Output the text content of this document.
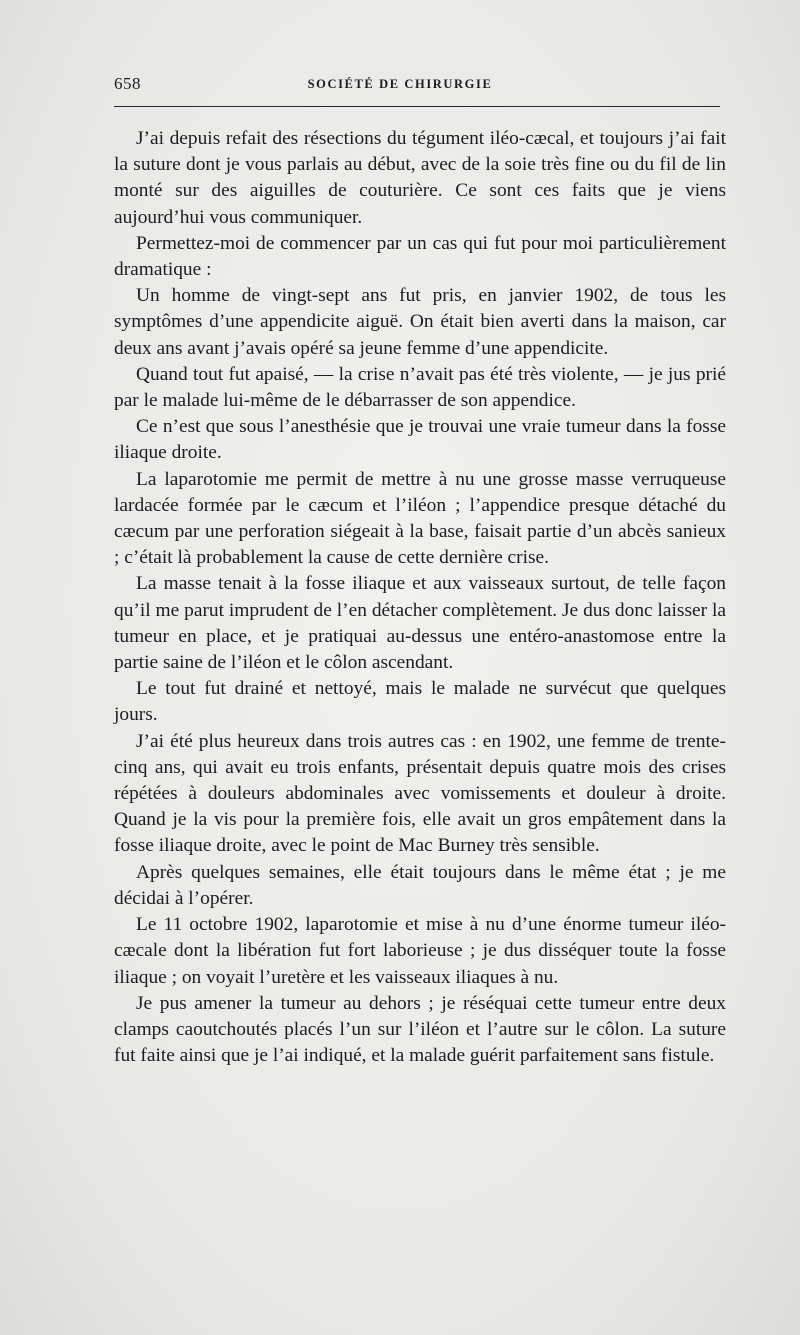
658	SOCIÉTÉ DE CHIRURGIE

J’ai depuis refait des résections du tégument iléo-cæcal, et toujours j’ai fait la suture dont je vous parlais au début, avec de la soie très fine ou du fil de lin monté sur des aiguilles de couturière. Ce sont ces faits que je viens aujourd’hui vous communiquer.

Permettez-moi de commencer par un cas qui fut pour moi particulièrement dramatique :

Un homme de vingt-sept ans fut pris, en janvier 1902, de tous les symptômes d’une appendicite aiguë. On était bien averti dans la maison, car deux ans avant j’avais opéré sa jeune femme d’une appendicite.

Quand tout fut apaisé, — la crise n’avait pas été très violente, — je jus prié par le malade lui-même de le débarrasser de son appendice.

Ce n’est que sous l’anesthésie que je trouvai une vraie tumeur dans la fosse iliaque droite.

La laparotomie me permit de mettre à nu une grosse masse verruqueuse lardacée formée par le cæcum et l’iléon ; l’appendice presque détaché du cæcum par une perforation siégeait à la base, faisait partie d’un abcès sanieux ; c’était là probablement la cause de cette dernière crise.

La masse tenait à la fosse iliaque et aux vaisseaux surtout, de telle façon qu’il me parut imprudent de l’en détacher complètement. Je dus donc laisser la tumeur en place, et je pratiquai au-dessus une entéro-anastomose entre la partie saine de l’iléon et le côlon ascendant.

Le tout fut drainé et nettoyé, mais le malade ne survécut que quelques jours.

J’ai été plus heureux dans trois autres cas : en 1902, une femme de trente-cinq ans, qui avait eu trois enfants, présentait depuis quatre mois des crises répétées à douleurs abdominales avec vomissements et douleur à droite. Quand je la vis pour la première fois, elle avait un gros empâtement dans la fosse iliaque droite, avec le point de Mac Burney très sensible.

Après quelques semaines, elle était toujours dans le même état ; je me décidai à l’opérer.

Le 11 octobre 1902, laparotomie et mise à nu d’une énorme tumeur iléo-cæcale dont la libération fut fort laborieuse ; je dus disséquer toute la fosse iliaque ; on voyait l’uretère et les vaisseaux iliaques à nu.

Je pus amener la tumeur au dehors ; je réséquai cette tumeur entre deux clamps caoutchoutés placés l’un sur l’iléon et l’autre sur le côlon. La suture fut faite ainsi que je l’ai indiqué, et la malade guérit parfaitement sans fistule.
